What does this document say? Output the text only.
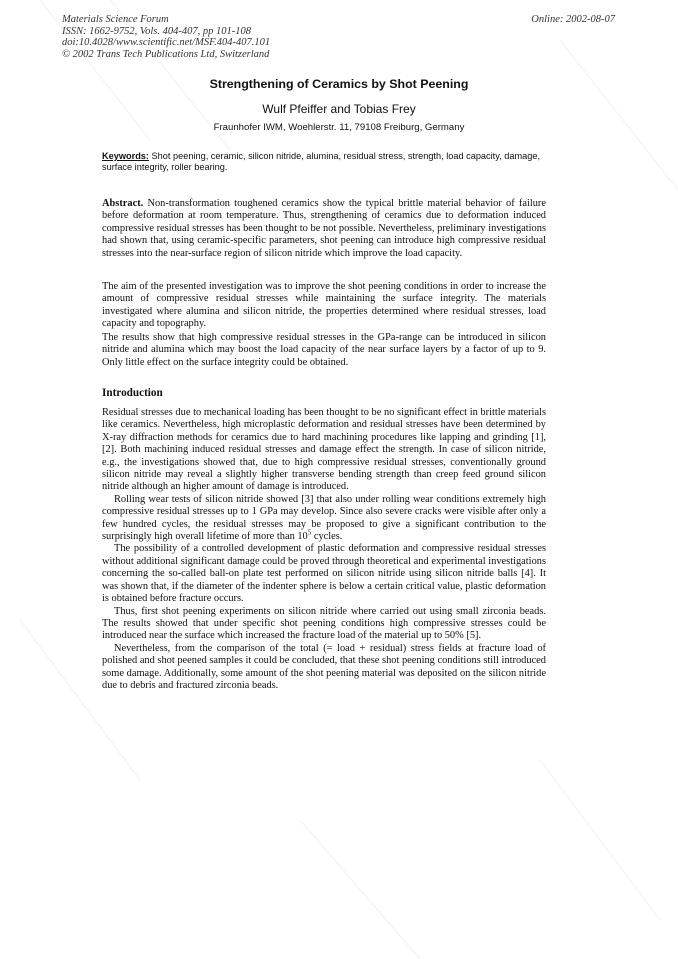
Materials Science Forum
ISSN: 1662-9752, Vols. 404-407, pp 101-108
doi:10.4028/www.scientific.net/MSF.404-407.101
© 2002 Trans Tech Publications Ltd, Switzerland
Online: 2002-08-07
Strengthening of Ceramics by Shot Peening
Wulf Pfeiffer and Tobias Frey
Fraunhofer IWM, Woehlerstr. 11, 79108 Freiburg, Germany
Keywords: Shot peening, ceramic, silicon nitride, alumina, residual stress, strength, load capacity, damage, surface integrity, roller bearing.

Abstract. Non-transformation toughened ceramics show the typical brittle material behavior of failure before deformation at room temperature. Thus, strengthening of ceramics due to deformation induced compressive residual stresses has been thought to be not possible. Nevertheless, preliminary investigations had shown that, using ceramic-specific parameters, shot peening can introduce high compressive residual stresses into the near-surface region of silicon nitride which improve the load capacity.

The aim of the presented investigation was to improve the shot peening conditions in order to increase the amount of compressive residual stresses while maintaining the surface integrity. The materials investigated where alumina and silicon nitride, the properties determined where residual stresses, load capacity and topography.

The results show that high compressive residual stresses in the GPa-range can be introduced in silicon nitride and alumina which may boost the load capacity of the near surface layers by a factor of up to 9. Only little effect on the surface integrity could be obtained.

Introduction

Residual stresses due to mechanical loading has been thought to be no significant effect in brittle materials like ceramics. Nevertheless, high microplastic deformation and residual stresses have been determined by X-ray diffraction methods for ceramics due to hard machining procedures like lapping and grinding [1], [2]. Both machining induced residual stresses and damage effect the strength. In case of silicon nitride, e.g., the investigations showed that, due to high compressive residual stresses, conventionally ground silicon nitride may reveal a slightly higher transverse bending strength than creep feed ground silicon nitride although an higher amount of damage is introduced.

Rolling wear tests of silicon nitride showed [3] that also under rolling wear conditions extremely high compressive residual stresses up to 1 GPa may develop. Since also severe cracks were visible after only a few hundred cycles, the residual stresses may be proposed to give a significant contribution to the surprisingly high overall lifetime of more than $10^5$ cycles.

The possibility of a controlled development of plastic deformation and compressive residual stresses without additional significant damage could be proved through theoretical and experimental investigations concerning the so-called ball-on plate test performed on silicon nitride using silicon nitride balls [4]. It was shown that, if the diameter of the indenter sphere is below a certain critical value, plastic deformation is obtained before fracture occurs.

Thus, first shot peening experiments on silicon nitride where carried out using small zirconia beads. The results showed that under specific shot peening conditions high compressive stresses could be introduced near the surface which increased the fracture load of the material up to 50% [5].

Nevertheless, from the comparison of the total (= load + residual) stress fields at fracture load of polished and shot peened samples it could be concluded, that these shot peening conditions still introduced some damage. Additionally, some amount of the shot peening material was deposited on the silicon nitride due to debris and fractured zirconia beads.
